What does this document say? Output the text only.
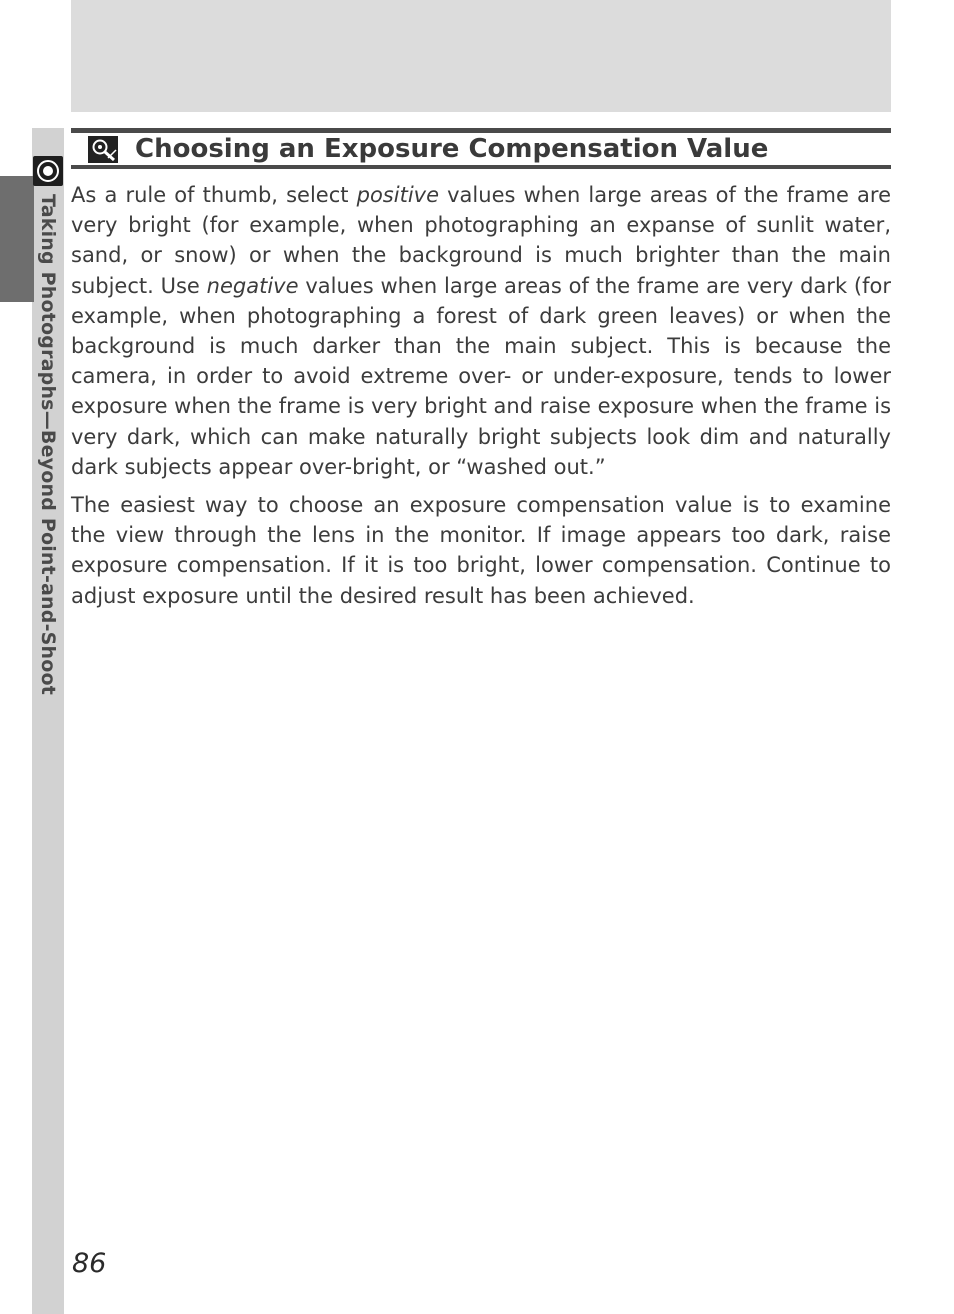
Taking Photographs—Beyond Point-and-Shoot
Choosing an Exposure Compensation Value

As a rule of thumb, select positive values when large areas of the frame are very bright (for example, when photographing an expanse of sunlit water, sand, or snow) or when the background is much brighter than the main subject. Use negative values when large areas of the frame are very dark (for example, when photographing a forest of dark green leaves) or when the background is much darker than the main subject. This is because the camera, in order to avoid extreme over- or under-exposure, tends to lower exposure when the frame is very bright and raise exposure when the frame is very dark, which can make naturally bright subjects look dim and naturally dark subjects appear over-bright, or “washed out.”

The easiest way to choose an exposure compensation value is to examine the view through the lens in the monitor. If image appears too dark, raise exposure compensation. If it is too bright, lower compensation. Continue to adjust exposure until the desired result has been achieved.

86
